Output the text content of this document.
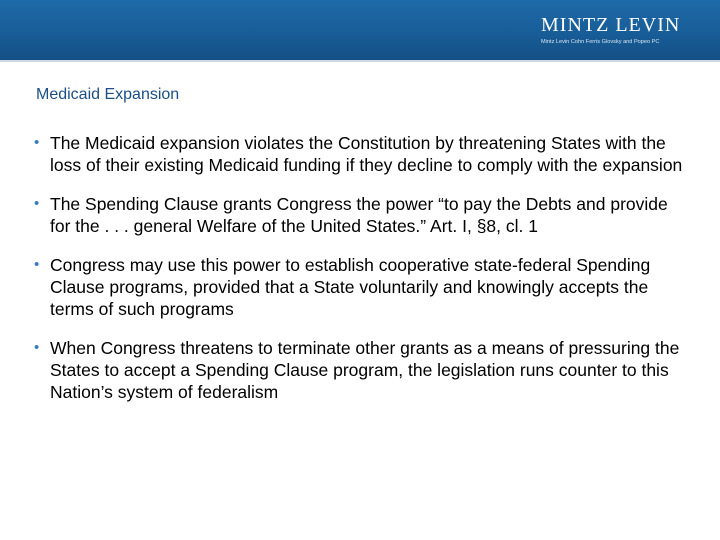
MINTZ LEVIN
Mintz Levin Cohn Ferris Glovsky and Popeo PC
Medicaid Expansion
• The Medicaid expansion violates the Constitution by threatening States with the loss of their existing Medicaid funding if they decline to comply with the expansion
• The Spending Clause grants Congress the power “to pay the Debts and provide for the . . . general Welfare of the United States.” Art. I, §8, cl. 1
• Congress may use this power to establish cooperative state-federal Spending Clause programs, provided that a State voluntarily and knowingly accepts the terms of such programs
• When Congress threatens to terminate other grants as a means of pressuring the States to accept a Spending Clause program, the legislation runs counter to this Nation’s system of federalism
